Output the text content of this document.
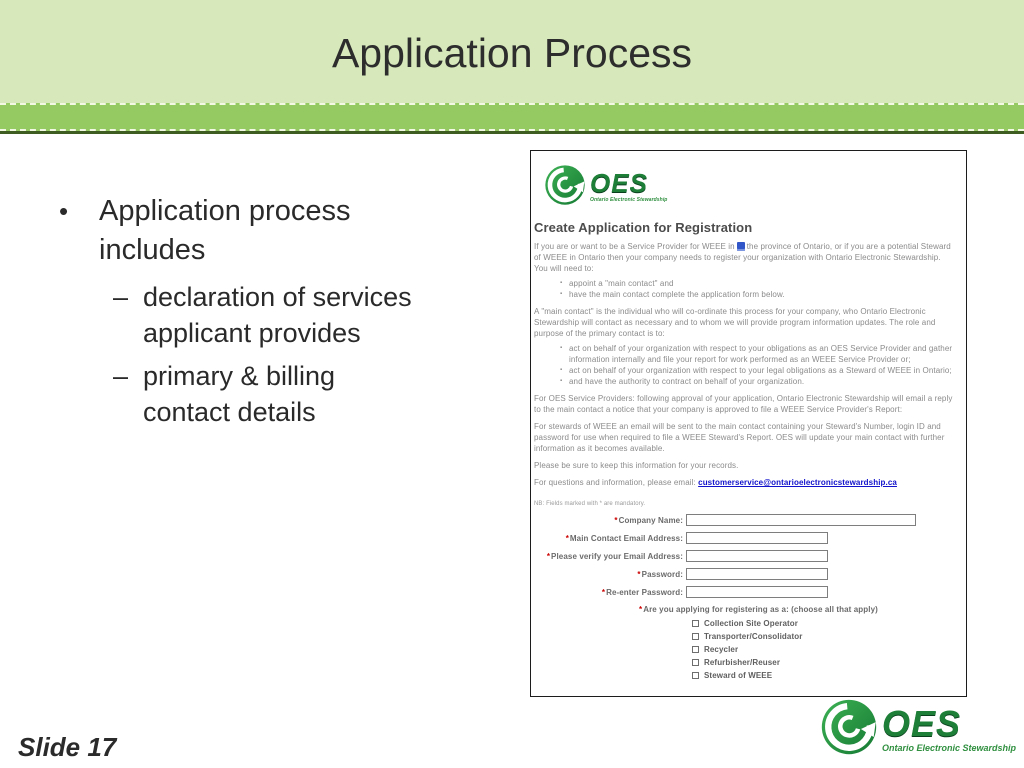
Application Process
• Application process includes
– declaration of services applicant provides
– primary & billing contact details
OES
Ontario Electronic Stewardship
Create Application for Registration

If you are or want to be a Service Provider for WEEE in the province of Ontario, or if you are a potential Steward of WEEE in Ontario then your company needs to register your organization with Ontario Electronic Stewardship. You will need to:

▪ appoint a "main contact" and
▪ have the main contact complete the application form below.

A "main contact" is the individual who will co-ordinate this process for your company, who Ontario Electronic Stewardship will contact as necessary and to whom we will provide program information updates. The role and purpose of the primary contact is to:

▪ act on behalf of your organization with respect to your obligations as an OES Service Provider and gather information internally and file your report for work performed as an WEEE Service Provider or;
▪ act on behalf of your organization with respect to your legal obligations as a Steward of WEEE in Ontario;
▪ and have the authority to contract on behalf of your organization.

For OES Service Providers: following approval of your application, Ontario Electronic Stewardship will email a reply to the main contact a notice that your company is approved to file a WEEE Service Provider's Report:

For stewards of WEEE an email will be sent to the main contact containing your Steward's Number, login ID and password for use when required to file a WEEE Steward's Report. OES will update your main contact with further information as it becomes available.

Please be sure to keep this information for your records.

For questions and information, please email: customerservice@ontarioelectronicstewardship.ca

NB: Fields marked with * are mandatory.
*Company Name:
*Main Contact Email Address:
*Please verify your Email Address:
*Password:
*Re-enter Password:
*Are you applying for registering as a: (choose all that apply)
Collection Site Operator
Transporter/Consolidator
Recycler
Refurbisher/Reuser
Steward of WEEE
Slide 17
OES
Ontario Electronic Stewardship
